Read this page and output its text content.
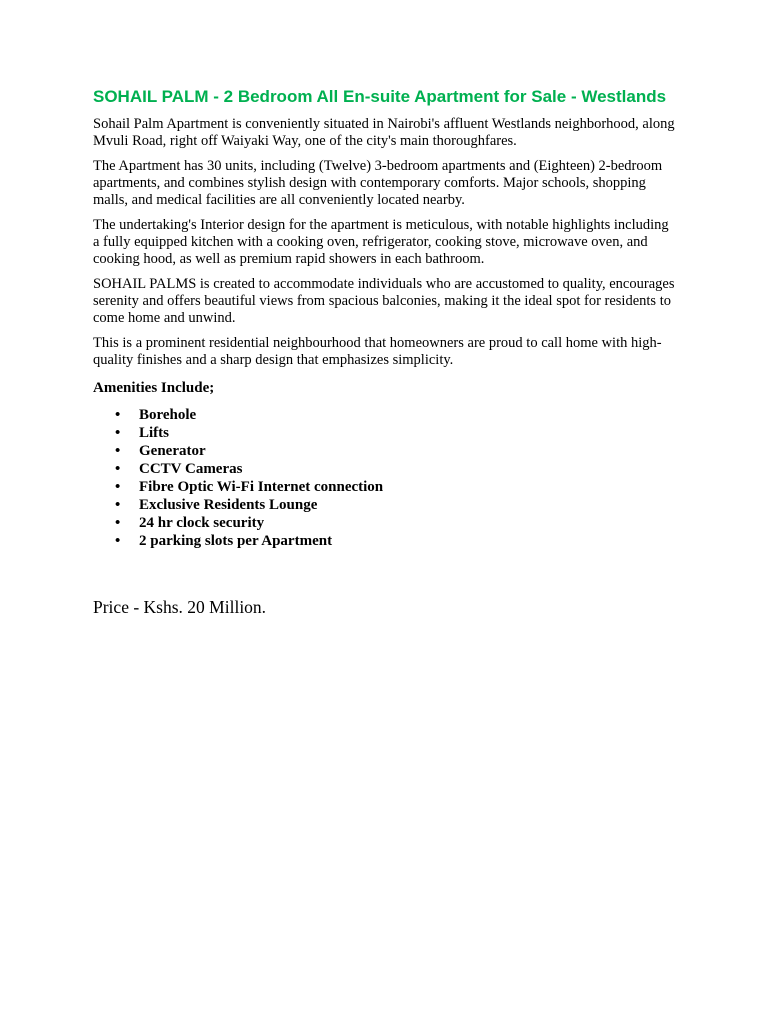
SOHAIL PALM - 2 Bedroom All En-suite Apartment for Sale - Westlands

Sohail Palm Apartment is conveniently situated in Nairobi's affluent Westlands neighborhood, along Mvuli Road, right off Waiyaki Way, one of the city's main thoroughfares.

The Apartment has 30 units, including (Twelve) 3-bedroom apartments and (Eighteen) 2-bedroom apartments, and combines stylish design with contemporary comforts. Major schools, shopping malls, and medical facilities are all conveniently located nearby.

The undertaking's Interior design for the apartment is meticulous, with notable highlights including a fully equipped kitchen with a cooking oven, refrigerator, cooking stove, microwave oven, and cooking hood, as well as premium rapid showers in each bathroom.

SOHAIL PALMS is created to accommodate individuals who are accustomed to quality, encourages serenity and offers beautiful views from spacious balconies, making it the ideal spot for residents to come home and unwind.

This is a prominent residential neighbourhood that homeowners are proud to call home with high-quality finishes and a sharp design that emphasizes simplicity.

Amenities Include;
• Borehole
• Lifts
• Generator
• CCTV Cameras
• Fibre Optic Wi-Fi Internet connection
• Exclusive Residents Lounge
• 24 hr clock security
• 2 parking slots per Apartment

Price - Kshs. 20 Million.
